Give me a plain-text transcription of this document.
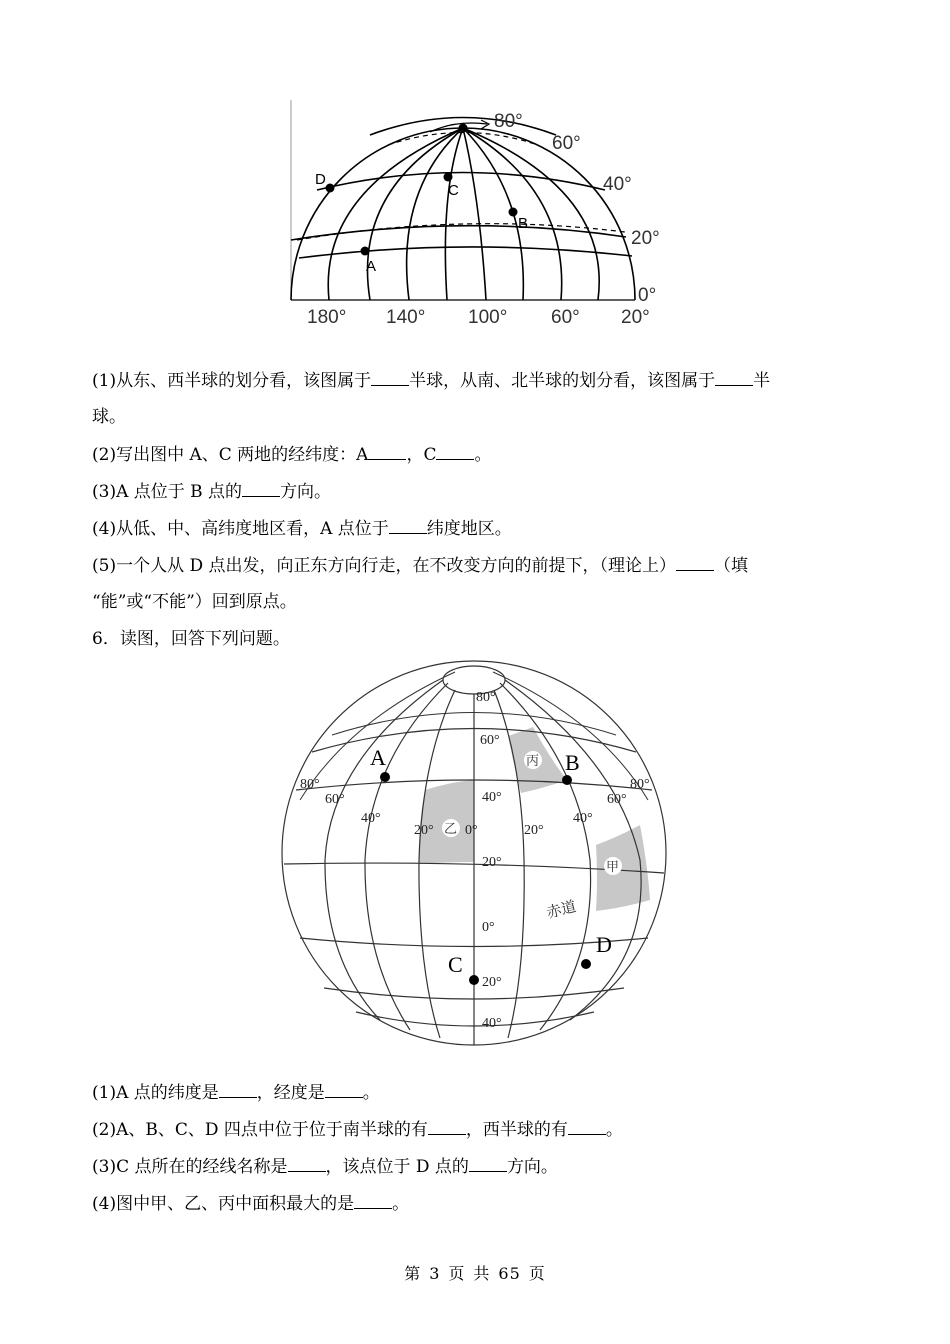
D
C
B
A
80°
60°
40°
20°
0°
180° 140° 100° 60° 20°
(1)从东、西半球的划分看，该图属于 半球，从南、北半球的划分看，该图属于 半
球。
(2)写出图中 A、C 两地的经纬度：A ，C 。
(3)A 点位于 B 点的 方向。
(4)从低、中、高纬度地区看，A 点位于 纬度地区。
(5)一个人从 D 点出发，向正东方向行走，在不改变方向的前提下，（理论上） （填
“能”或“不能”）回到原点。
6．读图，回答下列问题。
A	B
C
D
80°
60°
40°
20°
0°
20°
40°
80°
60°
40°
20° 0°	20°
40°
60°
80°
乙
丙
甲
赤道
(1)A 点的纬度是 ，经度是 。
(2)A、B、C、D 四点中位于位于南半球的有 ，西半球的有 。
(3)C 点所在的经线名称是 ，该点位于 D 点的 方向。
(4)图中甲、乙、丙中面积最大的是 。
第 3 页 共 65 页
